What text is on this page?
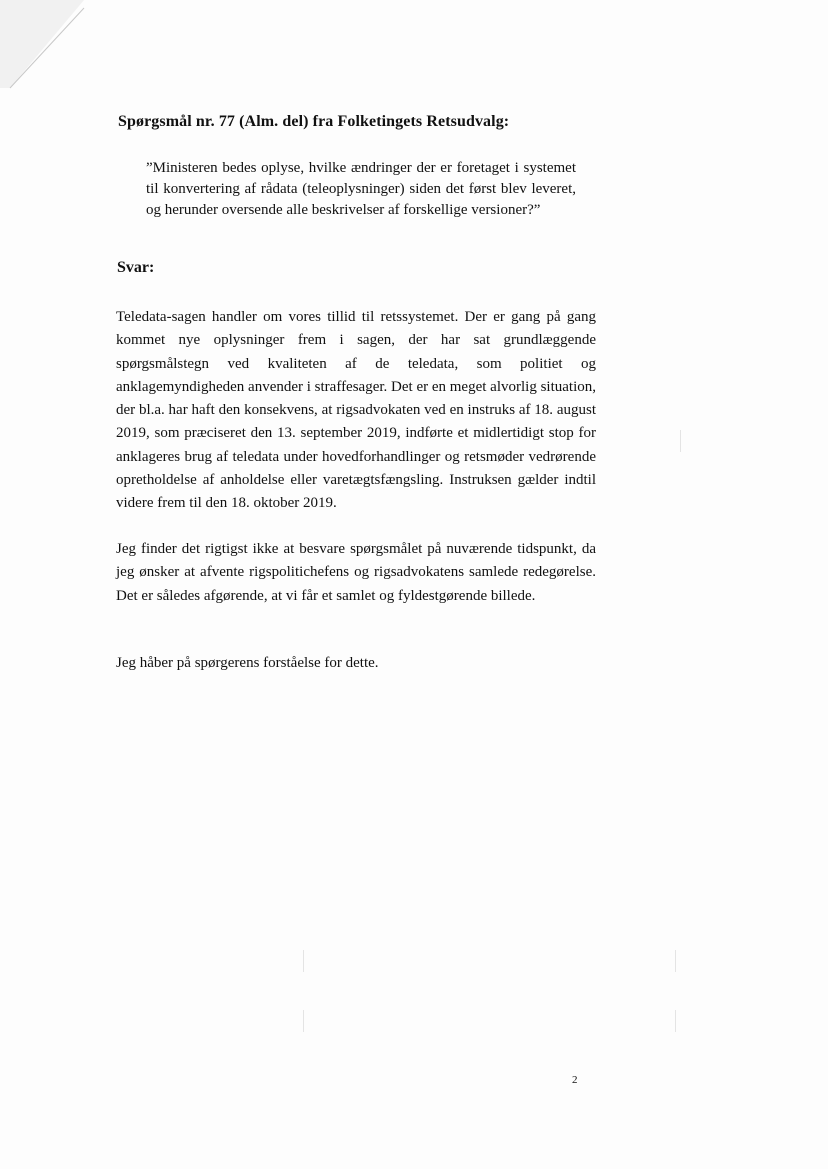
Spørgsmål nr. 77 (Alm. del) fra Folketingets Retsudvalg:

”Ministeren bedes oplyse, hvilke ændringer der er foretaget i systemet til konvertering af rådata (teleoplysninger) siden det først blev leveret, og herunder oversende alle beskrivelser af forskellige versioner?”

Svar:

Teledata-sagen handler om vores tillid til retssystemet. Der er gang på gang kommet nye oplysninger frem i sagen, der har sat grundlæggende spørgsmålstegn ved kvaliteten af de teledata, som politiet og anklagemyndigheden anvender i straffesager. Det er en meget alvorlig situation, der bl.a. har haft den konsekvens, at rigsadvokaten ved en instruks af 18. august 2019, som præciseret den 13. september 2019, indførte et midlertidigt stop for anklageres brug af teledata under hovedforhandlinger og retsmøder vedrørende opretholdelse af anholdelse eller varetægtsfængsling. Instruksen gælder indtil videre frem til den 18. oktober 2019.

Jeg finder det rigtigst ikke at besvare spørgsmålet på nuværende tidspunkt, da jeg ønsker at afvente rigspolitichefens og rigsadvokatens samlede redegørelse. Det er således afgørende, at vi får et samlet og fyldestgørende billede.

Jeg håber på spørgerens forståelse for dette.

2
